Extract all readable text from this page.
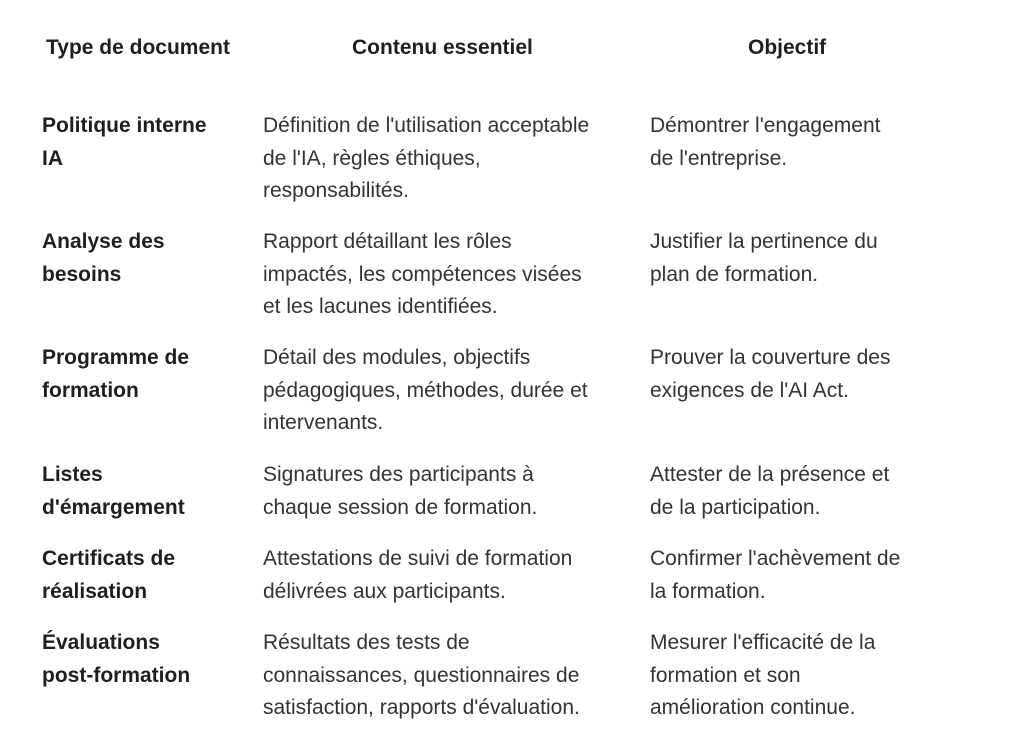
Type de document	Contenu essentiel	Objectif
Politique interne
IA
Définition de l'utilisation acceptable
de l'IA, règles éthiques,
responsabilités.
Démontrer l'engagement
de l'entreprise.
Analyse des
besoins
Rapport détaillant les rôles
impactés, les compétences visées
et les lacunes identifiées.
Justifier la pertinence du
plan de formation.
Programme de
formation
Détail des modules, objectifs
pédagogiques, méthodes, durée et
intervenants.
Prouver la couverture des
exigences de l'AI Act.
Listes
d'émargement
Signatures des participants à
chaque session de formation.
Attester de la présence et
de la participation.
Certificats de
réalisation
Attestations de suivi de formation
délivrées aux participants.
Confirmer l'achèvement de
la formation.
Évaluations
post-formation
Résultats des tests de
connaissances, questionnaires de
satisfaction, rapports d'évaluation.
Mesurer l'efficacité de la
formation et son
amélioration continue.
